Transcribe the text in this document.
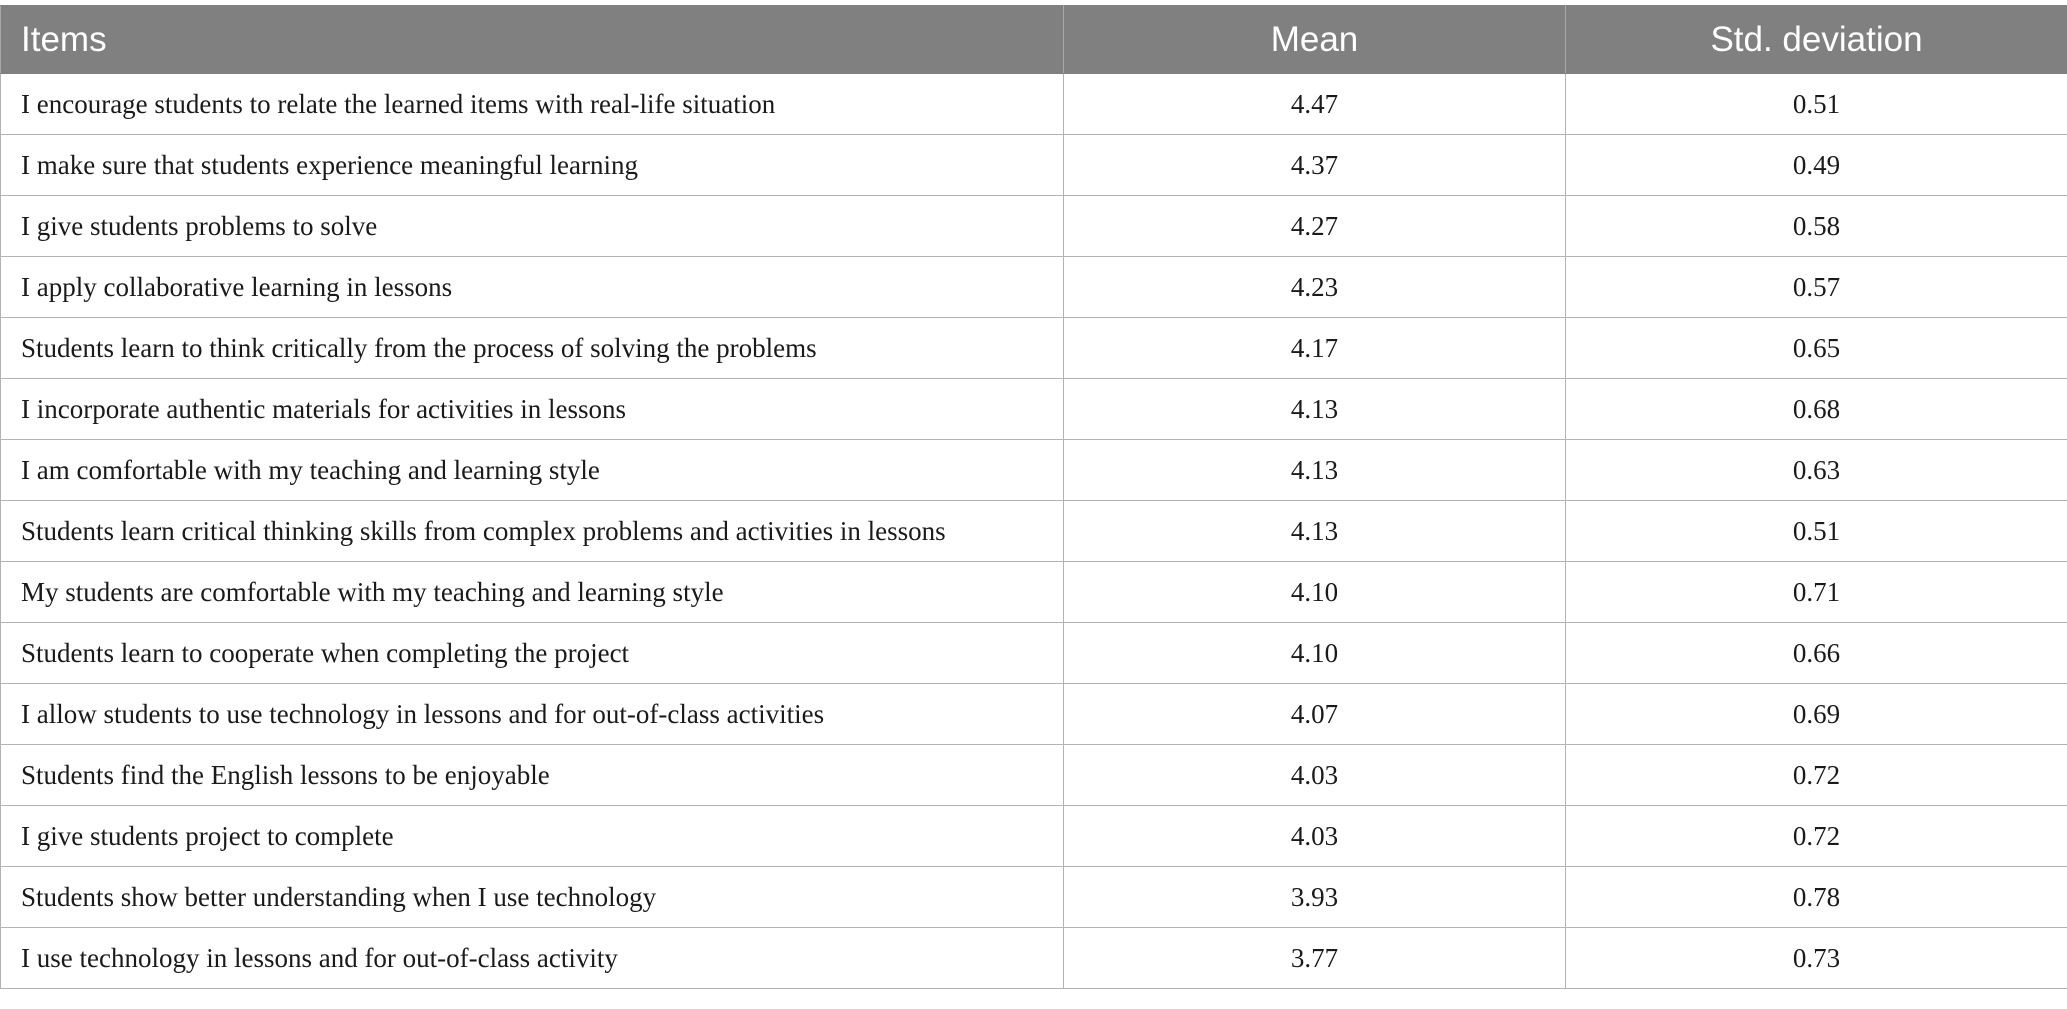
Items	Mean	Std. deviation
I encourage students to relate the learned items with real-life situation	4.47	0.51
I make sure that students experience meaningful learning	4.37	0.49
I give students problems to solve	4.27	0.58
I apply collaborative learning in lessons	4.23	0.57
Students learn to think critically from the process of solving the problems	4.17	0.65
I incorporate authentic materials for activities in lessons	4.13	0.68
I am comfortable with my teaching and learning style	4.13	0.63
Students learn critical thinking skills from complex problems and activities in lessons	4.13	0.51
My students are comfortable with my teaching and learning style	4.10	0.71
Students learn to cooperate when completing the project	4.10	0.66
I allow students to use technology in lessons and for out-of-class activities	4.07	0.69
Students find the English lessons to be enjoyable	4.03	0.72
I give students project to complete	4.03	0.72
Students show better understanding when I use technology	3.93	0.78
I use technology in lessons and for out-of-class activity	3.77	0.73
